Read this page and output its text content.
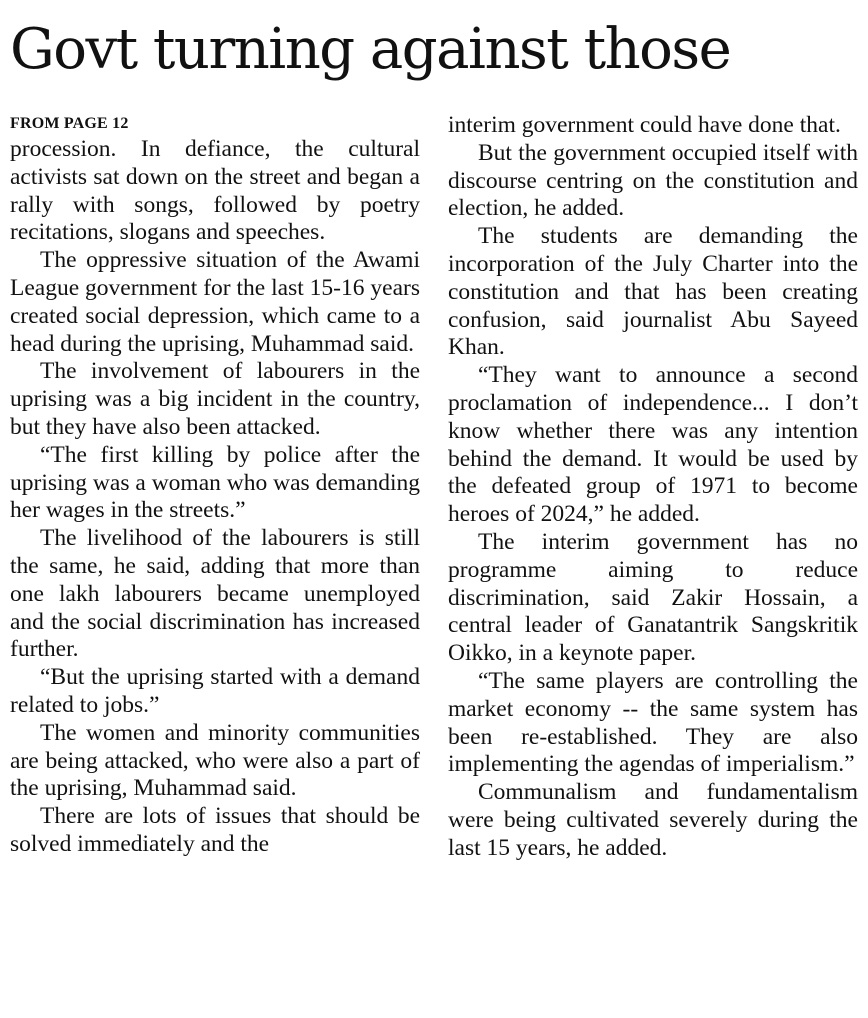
Govt turning against those
FROM PAGE 12

procession. In defiance, the cultural activists sat down on the street and began a rally with songs, followed by poetry recitations, slogans and speeches.

The oppressive situation of the Awami League government for the last 15-16 years created social depression, which came to a head during the uprising, Muhammad said.

The involvement of labourers in the uprising was a big incident in the country, but they have also been attacked.

“The first killing by police after the uprising was a woman who was demanding her wages in the streets.”

The livelihood of the labourers is still the same, he said, adding that more than one lakh labourers became unemployed and the social discrimination has increased further.

“But the uprising started with a demand related to jobs.”

The women and minority communities are being attacked, who were also a part of the uprising, Muhammad said.

There are lots of issues that should be solved immediately and the

interim government could have done that.

But the government occupied itself with discourse centring on the constitution and election, he added.

The students are demanding the incorporation of the July Charter into the constitution and that has been creating confusion, said journalist Abu Sayeed Khan.

“They want to announce a second proclamation of independence... I don’t know whether there was any intention behind the demand. It would be used by the defeated group of 1971 to become heroes of 2024,” he added.

The interim government has no programme aiming to reduce discrimination, said Zakir Hossain, a central leader of Ganatantrik Sangskritik Oikko, in a keynote paper.

“The same players are controlling the market economy -- the same system has been re-established. They are also implementing the agendas of imperialism.”

Communalism and fundamentalism were being cultivated severely during the last 15 years, he added.
